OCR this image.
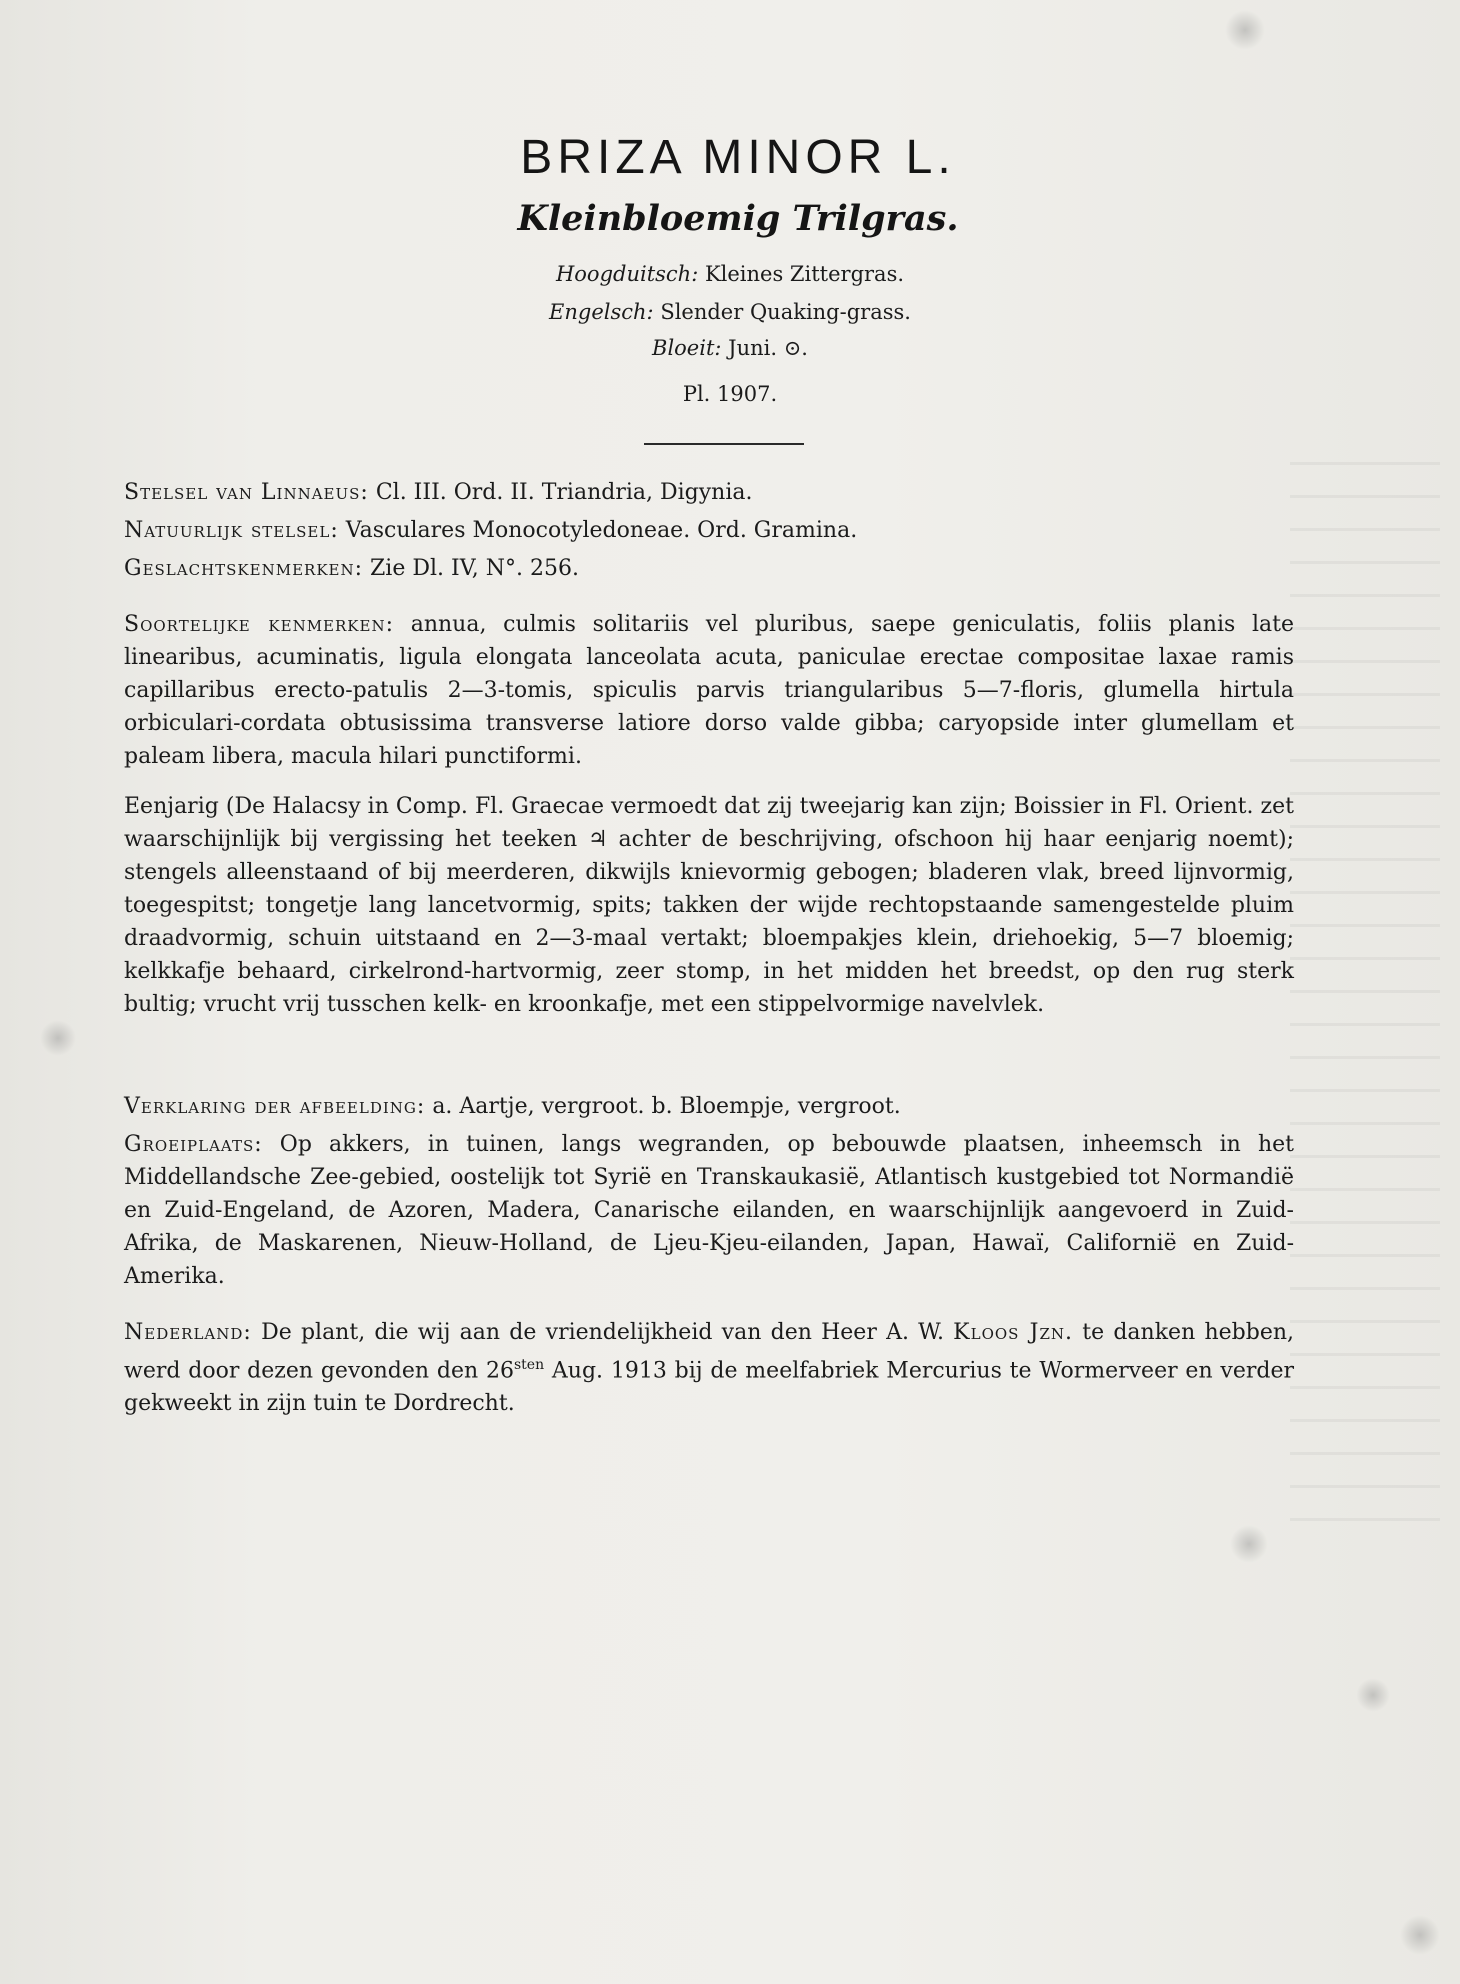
BRIZA MINOR L.
Kleinbloemig Trilgras.
Hoogduitsch: Kleines Zittergras.
Engelsch: Slender Quaking-grass.
Bloeit: Juni. ⊙.
Pl. 1907.
Stelsel van Linnaeus: Cl. III. Ord. II. Triandria, Digynia.
Natuurlijk stelsel: Vasculares Monocotyledoneae. Ord. Gramina.
Geslachtskenmerken: Zie Dl. IV, N°. 256.
Soortelijke kenmerken: annua, culmis solitariis vel pluribus, saepe geniculatis, foliis planis late linearibus, acuminatis, ligula elongata lanceolata acuta, paniculae erectae compositae laxae ramis capillaribus erecto-patulis 2—3-tomis, spiculis parvis triangularibus 5—7-floris, glumella hirtula orbiculari-cordata obtusissima transverse latiore dorso valde gibba; caryopside inter glumellam et paleam libera, macula hilari punctiformi.
Eenjarig (De Halacsy in Comp. Fl. Graecae vermoedt dat zij tweejarig kan zijn; Boissier in Fl. Orient. zet waarschijnlijk bij vergissing het teeken ♃ achter de beschrijving, ofschoon hij haar eenjarig noemt); stengels alleenstaand of bij meerderen, dikwijls knievormig gebogen; bladeren vlak, breed lijnvormig, toegespitst; tongetje lang lancetvormig, spits; takken der wijde rechtopstaande samengestelde pluim draadvormig, schuin uitstaand en 2—3-maal vertakt; bloempakjes klein, driehoekig, 5—7 bloemig; kelkkafje behaard, cirkelrond-hartvormig, zeer stomp, in het midden het breedst, op den rug sterk bultig; vrucht vrij tusschen kelk- en kroonkafje, met een stippelvormige navelvlek.
Verklaring der afbeelding: a. Aartje, vergroot. b. Bloempje, vergroot.
Groeiplaats: Op akkers, in tuinen, langs wegranden, op bebouwde plaatsen, inheemsch in het Middellandsche Zee-gebied, oostelijk tot Syrië en Transkaukasië, Atlantisch kustgebied tot Normandië en Zuid-Engeland, de Azoren, Madera, Canarische eilanden, en waarschijnlijk aangevoerd in Zuid-Afrika, de Maskarenen, Nieuw-Holland, de Ljeu-Kjeu-eilanden, Japan, Hawaï, Californië en Zuid-Amerika.
Nederland: De plant, die wij aan de vriendelijkheid van den Heer A. W. Kloos Jzn. te danken hebben, werd door dezen gevonden den $26^{sten}$ Aug. 1913 bij de meelfabriek Mercurius te Wormerveer en verder gekweekt in zijn tuin te Dordrecht.
